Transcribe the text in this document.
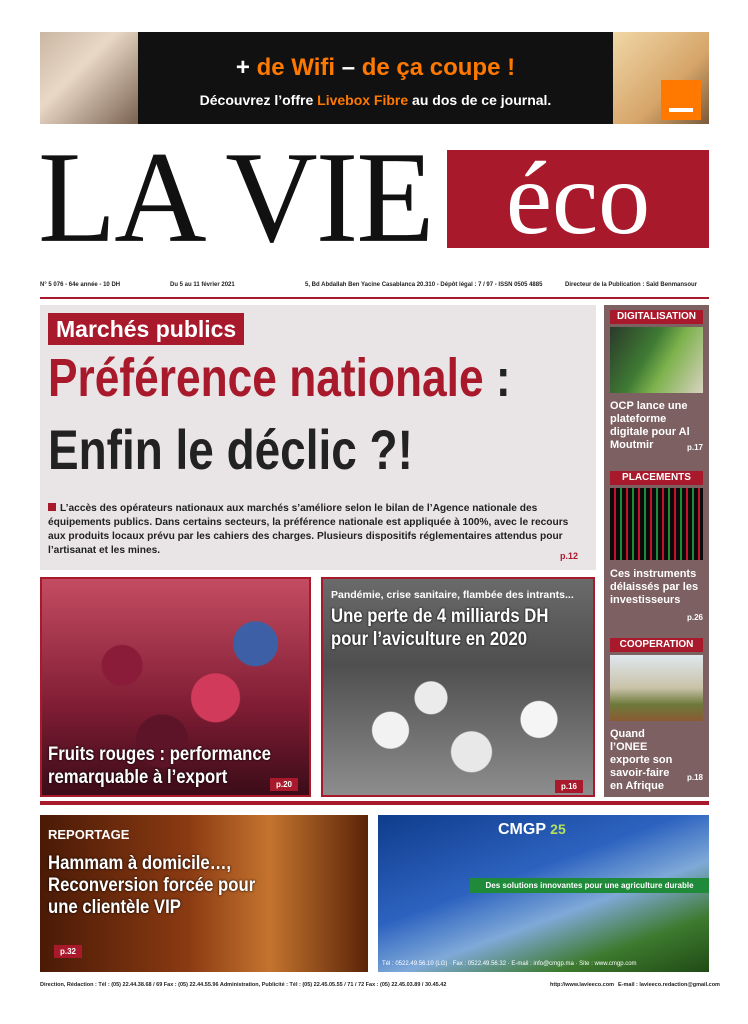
+ de Wifi – de ça coupe !
Découvrez l’offre Livebox Fibre au dos de ce journal.
LA VIE éco
N° 5 076 - 64e année - 10 DH	Du 5 au 11 février 2021	5, Bd Abdallah Ben Yacine Casablanca 20.310 - Dépôt légal : 7 / 97 - ISSN 0505 4885	Directeur de la Publication : Saïd Benmansour
Marchés publics
Préférence nationale :
Enfin le déclic ?!
L’accès des opérateurs nationaux aux marchés s’améliore selon le bilan de l’Agence nationale des équipements publics. Dans certains secteurs, la préférence nationale est appliquée à 100%, avec le recours aux produits locaux prévu par les cahiers des charges. Plusieurs dispositifs réglementaires attendus pour l’artisanat et les mines.	p.12
DIGITALISATION
OCP lance une plateforme digitale pour Al Moutmir	p.17
PLACEMENTS
Ces instruments délaissés par les investisseurs
p.26
COOPERATION
Quand l’ONEE exporte son savoir-faire en Afrique
p.18
Fruits rouges : performance
remarquable à l’export	p.20
Pandémie, crise sanitaire, flambée des intrants...
Une perte de 4 milliards DH
pour l’aviculture en 2020
p.16
REPORTAGE
Hammam à domicile…,
Reconversion forcée pour
une clientèle VIP
p.32
CMGP 25
Des solutions innovantes pour une agriculture durable
Tél : 0522.49.56.10 (LG) · Fax : 0522.49.56.32 · E-mail : info@cmgp.ma · Site : www.cmgp.com
Direction, Rédaction : Tél : (05) 22.44.38.68 / 69 Fax : (05) 22.44.55.96 Administration, Publicité : Tél : (05) 22.45.05.55 / 71 / 72 Fax : (05) 22.45.03.89 / 30.45.42	http://www.lavieeco.com E-mail : lavieeco.redaction@gmail.com
